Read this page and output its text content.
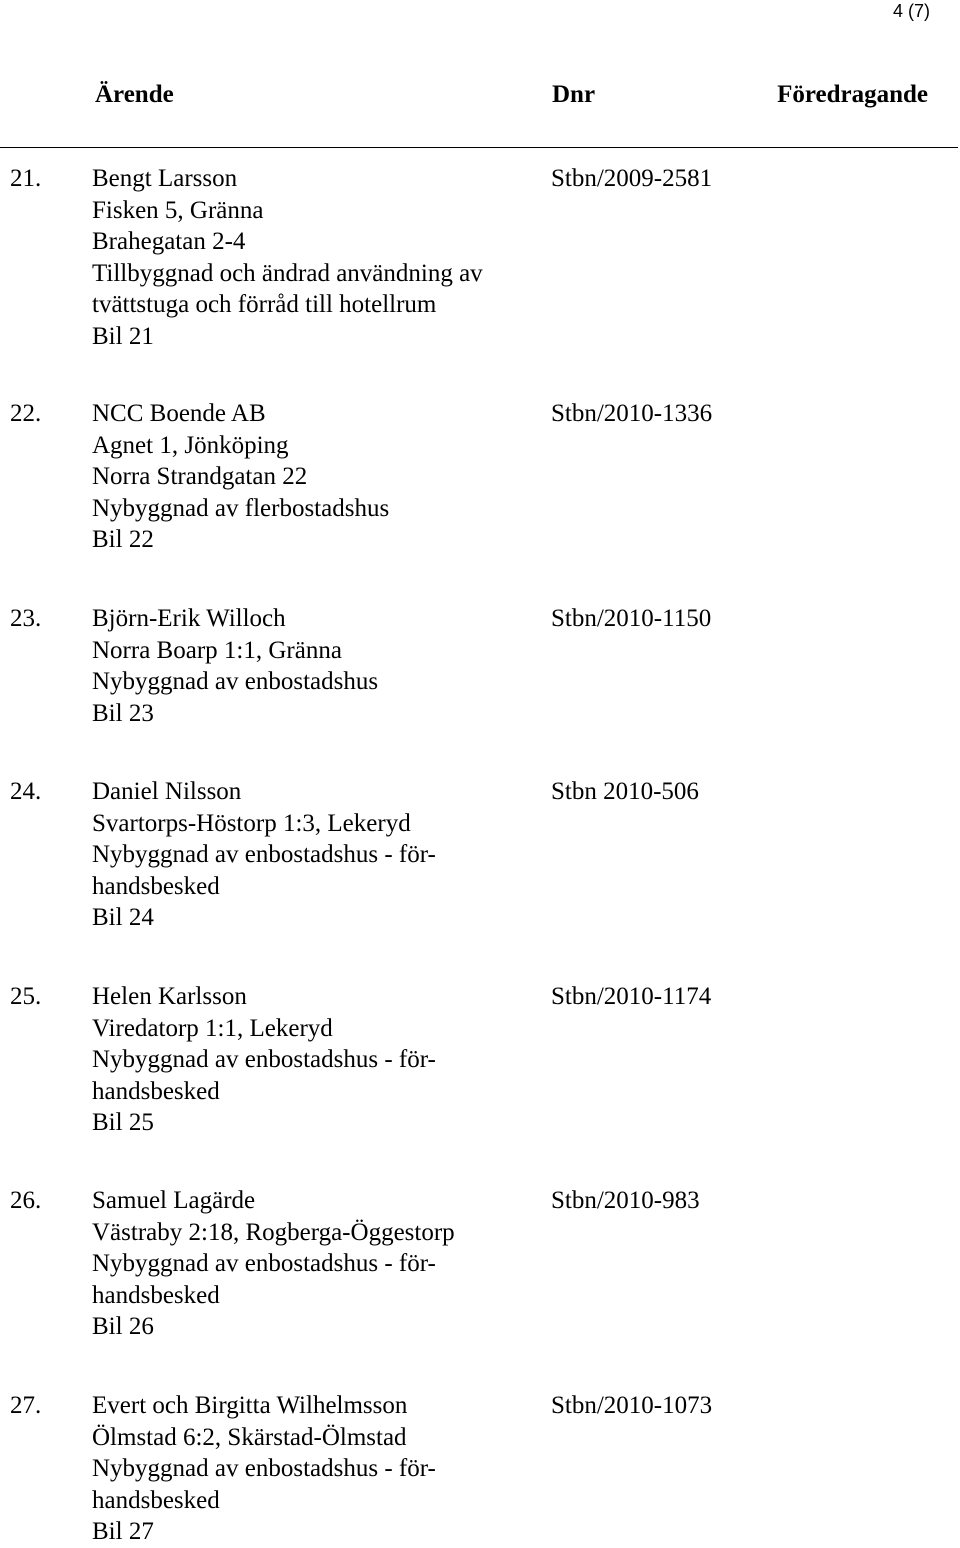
4 (7)
Ärende	Dnr	Föredragande
21. Bengt Larsson
Fisken 5, Gränna
Brahegatan 2-4
Tillbyggnad och ändrad användning av
tvättstuga och förråd till hotellrum
Bil 21
Stbn/2009-2581
22. NCC Boende AB
Agnet 1, Jönköping
Norra Strandgatan 22
Nybyggnad av flerbostadshus
Bil 22
Stbn/2010-1336
23. Björn-Erik Willoch
Norra Boarp 1:1, Gränna
Nybyggnad av enbostadshus
Bil 23
Stbn/2010-1150
24. Daniel Nilsson
Svartorps-Höstorp 1:3, Lekeryd
Nybyggnad av enbostadshus - för-
handsbesked
Bil 24
Stbn 2010-506
25. Helen Karlsson
Viredatorp 1:1, Lekeryd
Nybyggnad av enbostadshus - för-
handsbesked
Bil 25
Stbn/2010-1174
26. Samuel Lagärde
Västraby 2:18, Rogberga-Öggestorp
Nybyggnad av enbostadshus - för-
handsbesked
Bil 26
Stbn/2010-983
27. Evert och Birgitta Wilhelmsson
Ölmstad 6:2, Skärstad-Ölmstad
Nybyggnad av enbostadshus - för-
handsbesked
Bil 27
Stbn/2010-1073
